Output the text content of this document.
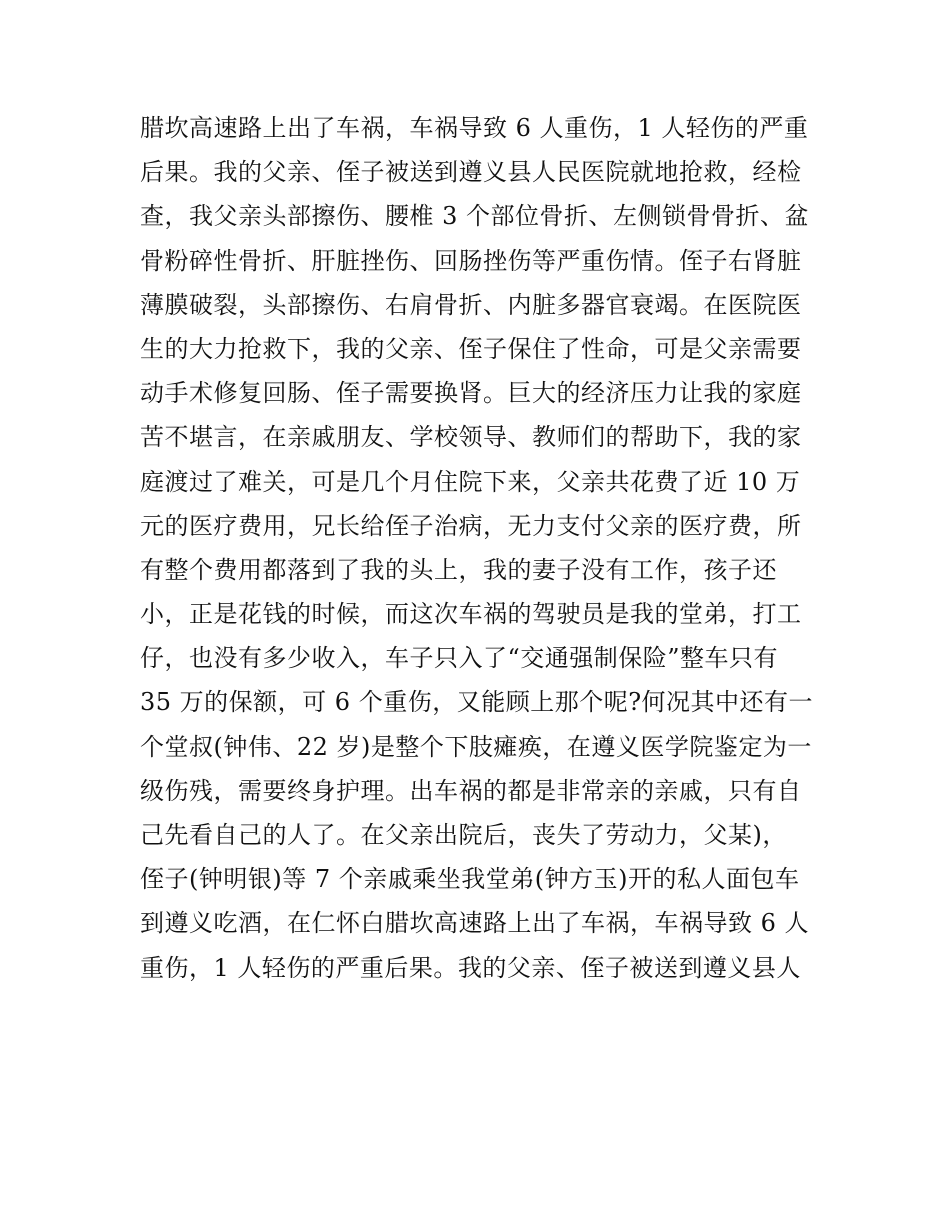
腊坎高速路上出了车祸，车祸导致 6 人重伤，1 人轻伤的严重
后果。我的父亲、侄子被送到遵义县人民医院就地抢救，经检
查，我父亲头部擦伤、腰椎 3 个部位骨折、左侧锁骨骨折、盆
骨粉碎性骨折、肝脏挫伤、回肠挫伤等严重伤情。侄子右肾脏
薄膜破裂，头部擦伤、右肩骨折、内脏多器官衰竭。在医院医
生的大力抢救下，我的父亲、侄子保住了性命，可是父亲需要
动手术修复回肠、侄子需要换肾。巨大的经济压力让我的家庭
苦不堪言，在亲戚朋友、学校领导、教师们的帮助下，我的家
庭渡过了难关，可是几个月住院下来，父亲共花费了近 10 万
元的医疗费用，兄长给侄子治病，无力支付父亲的医疗费，所
有整个费用都落到了我的头上，我的妻子没有工作，孩子还
小，正是花钱的时候，而这次车祸的驾驶员是我的堂弟，打工
仔，也没有多少收入，车子只入了“交通强制保险”整车只有
35 万的保额，可 6 个重伤，又能顾上那个呢?何况其中还有一
个堂叔(钟伟、22 岁)是整个下肢瘫痪，在遵义医学院鉴定为一
级伤残，需要终身护理。出车祸的都是非常亲的亲戚，只有自
己先看自己的人了。在父亲出院后，丧失了劳动力，父某)，
侄子(钟明银)等 7 个亲戚乘坐我堂弟(钟方玉)开的私人面包车
到遵义吃酒，在仁怀白腊坎高速路上出了车祸，车祸导致 6 人
重伤，1 人轻伤的严重后果。我的父亲、侄子被送到遵义县人
